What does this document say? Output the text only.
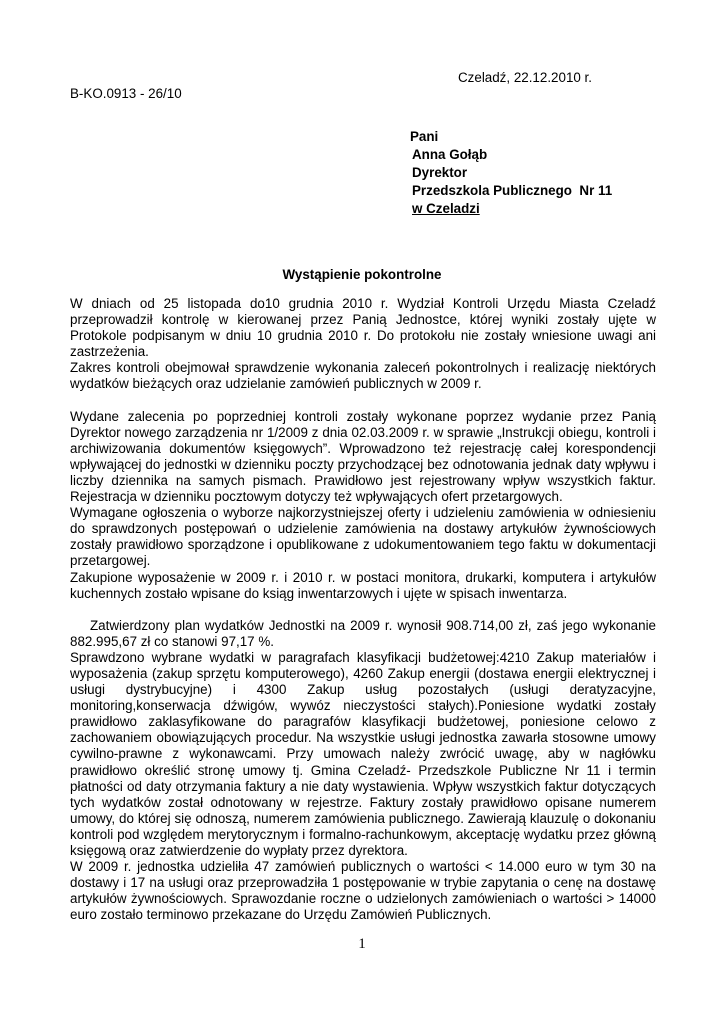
Czeladź, 22.12.2010 r.
B-KO.0913 - 26/10
Pani
Anna Gołąb
Dyrektor
Przedszkola Publicznego  Nr 11
w Czeladzi
Wystąpienie pokontrolne

W dniach od 25 listopada do10 grudnia 2010 r. Wydział Kontroli Urzędu Miasta Czeladź przeprowadził kontrolę w kierowanej przez Panią Jednostce, której wyniki zostały ujęte w Protokole podpisanym w dniu 10 grudnia 2010 r. Do protokołu nie zostały wniesione uwagi ani zastrzeżenia.

Zakres kontroli obejmował sprawdzenie wykonania zaleceń pokontrolnych i realizację niektórych wydatków bieżących oraz udzielanie zamówień publicznych w 2009 r.

Wydane zalecenia po poprzedniej kontroli zostały wykonane poprzez wydanie przez Panią Dyrektor nowego zarządzenia nr 1/2009 z dnia 02.03.2009 r. w sprawie „Instrukcji obiegu, kontroli i archiwizowania dokumentów księgowych”. Wprowadzono też rejestrację całej korespondencji wpływającej do jednostki w dzienniku poczty przychodzącej bez odnotowania jednak daty wpływu i liczby dziennika na samych pismach. Prawidłowo jest rejestrowany wpływ wszystkich faktur. Rejestracja w dzienniku pocztowym dotyczy też wpływających ofert przetargowych.

Wymagane ogłoszenia o wyborze najkorzystniejszej oferty i udzieleniu zamówienia w odniesieniu do sprawdzonych postępowań o udzielenie zamówienia na dostawy artykułów żywnościowych zostały prawidłowo sporządzone i opublikowane z udokumentowaniem tego faktu w dokumentacji przetargowej.

Zakupione wyposażenie w 2009 r. i 2010 r. w postaci monitora, drukarki, komputera i artykułów kuchennych zostało wpisane do ksiąg inwentarzowych i ujęte w spisach inwentarza.

Zatwierdzony plan wydatków Jednostki na 2009 r. wynosił 908.714,00 zł, zaś jego wykonanie 882.995,67 zł co stanowi 97,17 %.

Sprawdzono wybrane wydatki w paragrafach klasyfikacji budżetowej:4210 Zakup materiałów i wyposażenia (zakup sprzętu komputerowego), 4260 Zakup energii (dostawa energii elektrycznej i usługi dystrybucyjne) i 4300 Zakup usług pozostałych (usługi deratyzacyjne, monitoring,konserwacja dźwigów, wywóz nieczystości stałych).Poniesione wydatki zostały prawidłowo zaklasyfikowane do paragrafów klasyfikacji budżetowej, poniesione celowo z zachowaniem obowiązujących procedur. Na wszystkie usługi jednostka zawarła stosowne umowy cywilno-prawne z wykonawcami. Przy umowach należy zwrócić uwagę, aby w nagłówku prawidłowo określić stronę umowy tj. Gmina Czeladź- Przedszkole Publiczne Nr 11 i termin płatności od daty otrzymania faktury a nie daty wystawienia. Wpływ wszystkich faktur dotyczących tych wydatków został odnotowany w rejestrze. Faktury zostały prawidłowo opisane numerem umowy, do której się odnoszą, numerem zamówienia publicznego. Zawierają klauzulę o dokonaniu kontroli pod względem merytorycznym i formalno-rachunkowym, akceptację wydatku przez główną księgową oraz zatwierdzenie do wypłaty przez dyrektora.

W 2009 r. jednostka udzieliła 47 zamówień publicznych o wartości < 14.000 euro w tym 30 na dostawy i 17 na usługi oraz przeprowadziła 1 postępowanie w trybie zapytania o cenę na dostawę artykułów żywnościowych. Sprawozdanie roczne o udzielonych zamówieniach o wartości > 14000 euro zostało terminowo przekazane do Urzędu Zamówień Publicznych.

1
